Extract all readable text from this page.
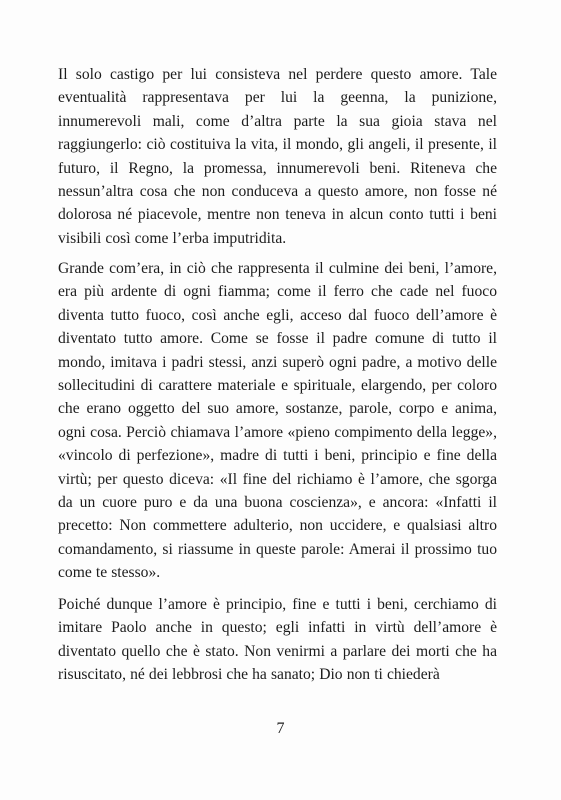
Il solo castigo per lui consisteva nel perdere questo amore. Tale eventualità rappresentava per lui la geenna, la punizione, innumerevoli mali, come d’altra parte la sua gioia stava nel raggiungerlo: ciò costituiva la vita, il mondo, gli angeli, il presente, il futuro, il Regno, la promessa, innumerevoli beni. Riteneva che nessun’altra cosa che non conduceva a questo amore, non fosse né dolorosa né piacevole, mentre non teneva in alcun conto tutti i beni visibili così come l’erba imputridita.

Grande com’era, in ciò che rappresenta il culmine dei beni, l’amore, era più ardente di ogni fiamma; come il ferro che cade nel fuoco diventa tutto fuoco, così anche egli, acceso dal fuoco dell’amore è diventato tutto amore. Come se fosse il padre comune di tutto il mondo, imitava i padri stessi, anzi superò ogni padre, a motivo delle sollecitudini di carattere materiale e spirituale, elargendo, per coloro che erano oggetto del suo amore, sostanze, parole, corpo e anima, ogni cosa. Perciò chiamava l’amore «pieno compimento della legge», «vincolo di perfezione», madre di tutti i beni, principio e fine della virtù; per questo diceva: «Il fine del richiamo è l’amore, che sgorga da un cuore puro e da una buona coscienza», e ancora: «Infatti il precetto: Non commettere adulterio, non uccidere, e qualsiasi altro comandamento, si riassume in queste parole: Amerai il prossimo tuo come te stesso».

Poiché dunque l’amore è principio, fine e tutti i beni, cerchiamo di imitare Paolo anche in questo; egli infatti in virtù dell’amore è diventato quello che è stato. Non venirmi a parlare dei morti che ha risuscitato, né dei lebbrosi che ha sanato; Dio non ti chiederà

7
